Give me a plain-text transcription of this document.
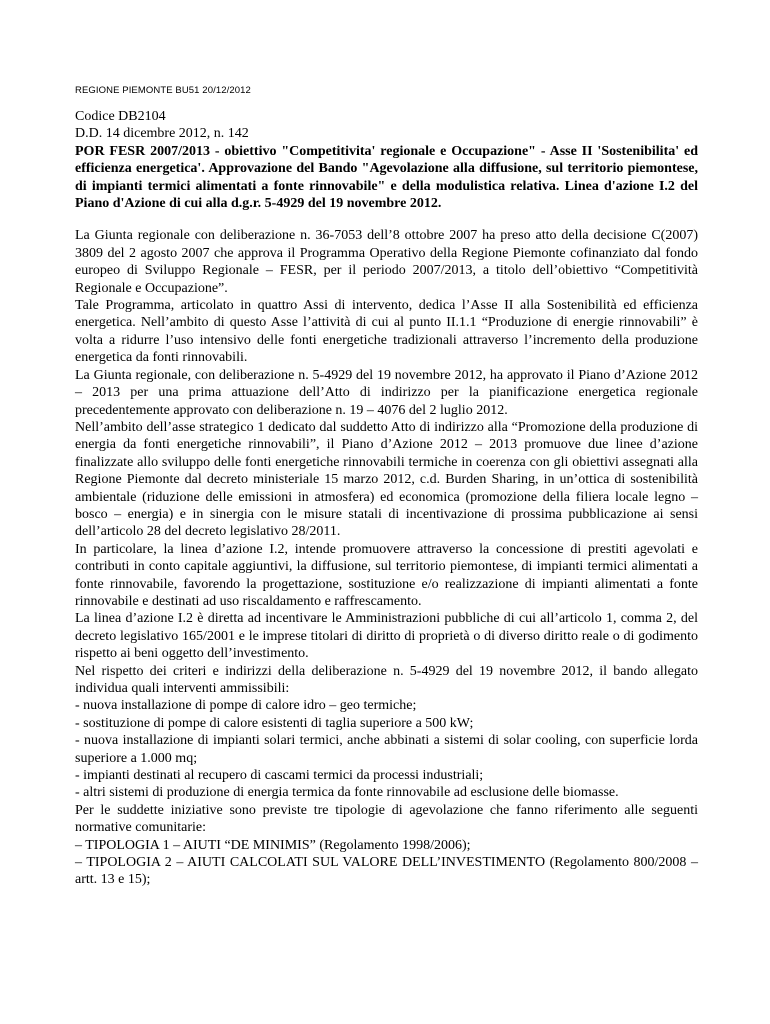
REGIONE PIEMONTE BU51 20/12/2012

Codice DB2104

D.D. 14 dicembre 2012, n. 142

POR FESR 2007/2013 - obiettivo "Competitivita' regionale e Occupazione" - Asse II 'Sostenibilita' ed efficienza energetica'. Approvazione del Bando "Agevolazione alla diffusione, sul territorio piemontese, di impianti termici alimentati a fonte rinnovabile" e della modulistica relativa. Linea d'azione I.2 del Piano d'Azione di cui alla d.g.r. 5-4929 del 19 novembre 2012.

La Giunta regionale con deliberazione n. 36-7053 dell’8 ottobre 2007 ha preso atto della decisione C(2007) 3809 del 2 agosto 2007 che approva il Programma Operativo della Regione Piemonte cofinanziato dal fondo europeo di Sviluppo Regionale – FESR, per il periodo 2007/2013, a titolo dell’obiettivo “Competitività Regionale e Occupazione”.

Tale Programma, articolato in quattro Assi di intervento, dedica l’Asse II alla Sostenibilità ed efficienza energetica. Nell’ambito di questo Asse l’attività di cui al punto II.1.1 “Produzione di energie rinnovabili” è volta a ridurre l’uso intensivo delle fonti energetiche tradizionali attraverso l’incremento della produzione energetica da fonti rinnovabili.

La Giunta regionale, con deliberazione n. 5-4929 del 19 novembre 2012, ha approvato il Piano d’Azione 2012 – 2013 per una prima attuazione dell’Atto di indirizzo per la pianificazione energetica regionale precedentemente approvato con deliberazione n. 19 – 4076 del 2 luglio 2012.

Nell’ambito dell’asse strategico 1 dedicato dal suddetto Atto di indirizzo alla “Promozione della produzione di energia da fonti energetiche rinnovabili”, il Piano d’Azione 2012 – 2013 promuove due linee d’azione finalizzate allo sviluppo delle fonti energetiche rinnovabili termiche in coerenza con gli obiettivi assegnati alla Regione Piemonte dal decreto ministeriale 15 marzo 2012, c.d. Burden Sharing, in un’ottica di sostenibilità ambientale (riduzione delle emissioni in atmosfera) ed economica (promozione della filiera locale legno – bosco – energia) e in sinergia con le misure statali di incentivazione di prossima pubblicazione ai sensi dell’articolo 28 del decreto legislativo 28/2011.

In particolare, la linea d’azione I.2, intende promuovere attraverso la concessione di prestiti agevolati e contributi in conto capitale aggiuntivi, la diffusione, sul territorio piemontese, di impianti termici alimentati a fonte rinnovabile, favorendo la progettazione, sostituzione e/o realizzazione di impianti alimentati a fonte rinnovabile e destinati ad uso riscaldamento e raffrescamento.

La linea d’azione I.2 è diretta ad incentivare le Amministrazioni pubbliche di cui all’articolo 1, comma 2, del decreto legislativo 165/2001 e le imprese titolari di diritto di proprietà o di diverso diritto reale o di godimento rispetto ai beni oggetto dell’investimento.

Nel rispetto dei criteri e indirizzi della deliberazione n. 5-4929 del 19 novembre 2012, il bando allegato individua quali interventi ammissibili:

- nuova installazione di pompe di calore idro – geo termiche;
- sostituzione di pompe di calore esistenti di taglia superiore a 500 kW;
- nuova installazione di impianti solari termici, anche abbinati a sistemi di solar cooling, con superficie lorda superiore a 1.000 mq;
- impianti destinati al recupero di cascami termici da processi industriali;
- altri sistemi di produzione di energia termica da fonte rinnovabile ad esclusione delle biomasse.

Per le suddette iniziative sono previste tre tipologie di agevolazione che fanno riferimento alle seguenti normative comunitarie:

– TIPOLOGIA 1 – AIUTI “DE MINIMIS” (Regolamento 1998/2006);
– TIPOLOGIA 2 – AIUTI CALCOLATI SUL VALORE DELL’INVESTIMENTO (Regolamento 800/2008 – artt. 13 e 15);
